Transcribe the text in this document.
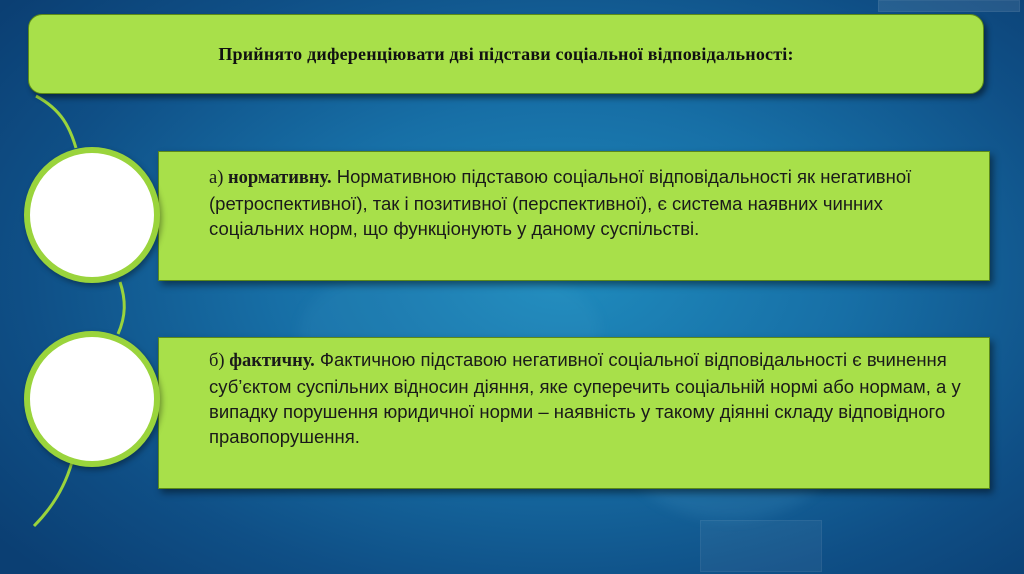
Прийнято диференціювати дві підстави соціальної відповідальності:
а) нормативну. Нормативною підставою соціальної відповідальності як негативної (ретроспективної), так і позитивної (перспективної), є система наявних чинних соціальних норм, що функціонують у даному суспільстві.
б) фактичну. Фактичною підставою негативної соціальної відповідальності є вчинення суб’єктом суспільних відносин діяння, яке суперечить соціальній нормі або нормам, а у випадку порушення юридичної норми – наявність у такому діянні складу відповідного правопорушення.
